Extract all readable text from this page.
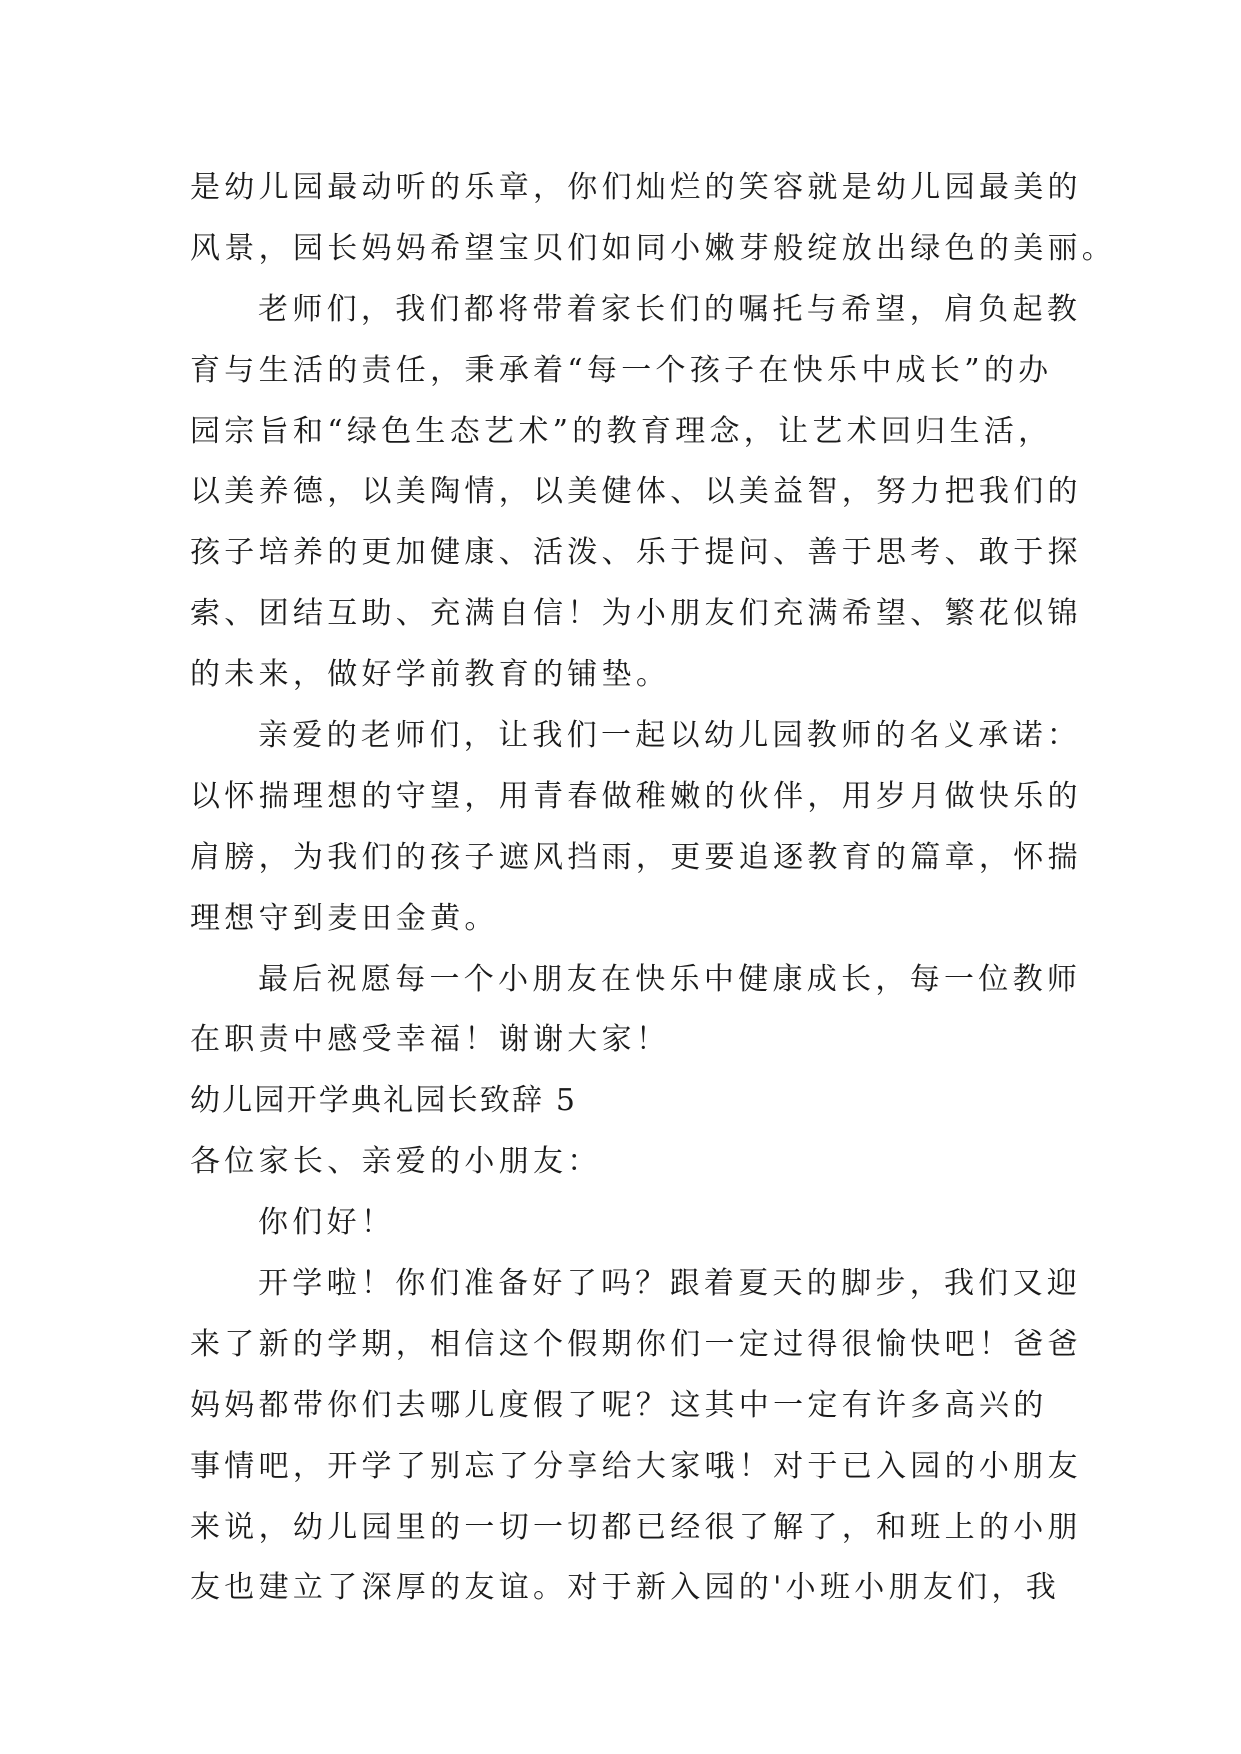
是幼儿园最动听的乐章，你们灿烂的笑容就是幼儿园最美的
风景，园长妈妈希望宝贝们如同小嫩芽般绽放出绿色的美丽。
老师们，我们都将带着家长们的嘱托与希望，肩负起教
育与生活的责任，秉承着“每一个孩子在快乐中成长”的办
园宗旨和“绿色生态艺术”的教育理念，让艺术回归生活，
以美养德，以美陶情，以美健体、以美益智，努力把我们的
孩子培养的更加健康、活泼、乐于提问、善于思考、敢于探
索、团结互助、充满自信！为小朋友们充满希望、繁花似锦
的未来，做好学前教育的铺垫。
亲爱的老师们，让我们一起以幼儿园教师的名义承诺：
以怀揣理想的守望，用青春做稚嫩的伙伴，用岁月做快乐的
肩膀，为我们的孩子遮风挡雨，更要追逐教育的篇章，怀揣
理想守到麦田金黄。
最后祝愿每一个小朋友在快乐中健康成长，每一位教师
在职责中感受幸福！谢谢大家！
幼儿园开学典礼园长致辞 5
各位家长、亲爱的小朋友：
你们好！
开学啦！你们准备好了吗？跟着夏天的脚步，我们又迎
来了新的学期，相信这个假期你们一定过得很愉快吧！爸爸
妈妈都带你们去哪儿度假了呢？这其中一定有许多高兴的
事情吧，开学了别忘了分享给大家哦！对于已入园的小朋友
来说，幼儿园里的一切一切都已经很了解了，和班上的小朋
友也建立了深厚的友谊。对于新入园的'小班小朋友们，我
